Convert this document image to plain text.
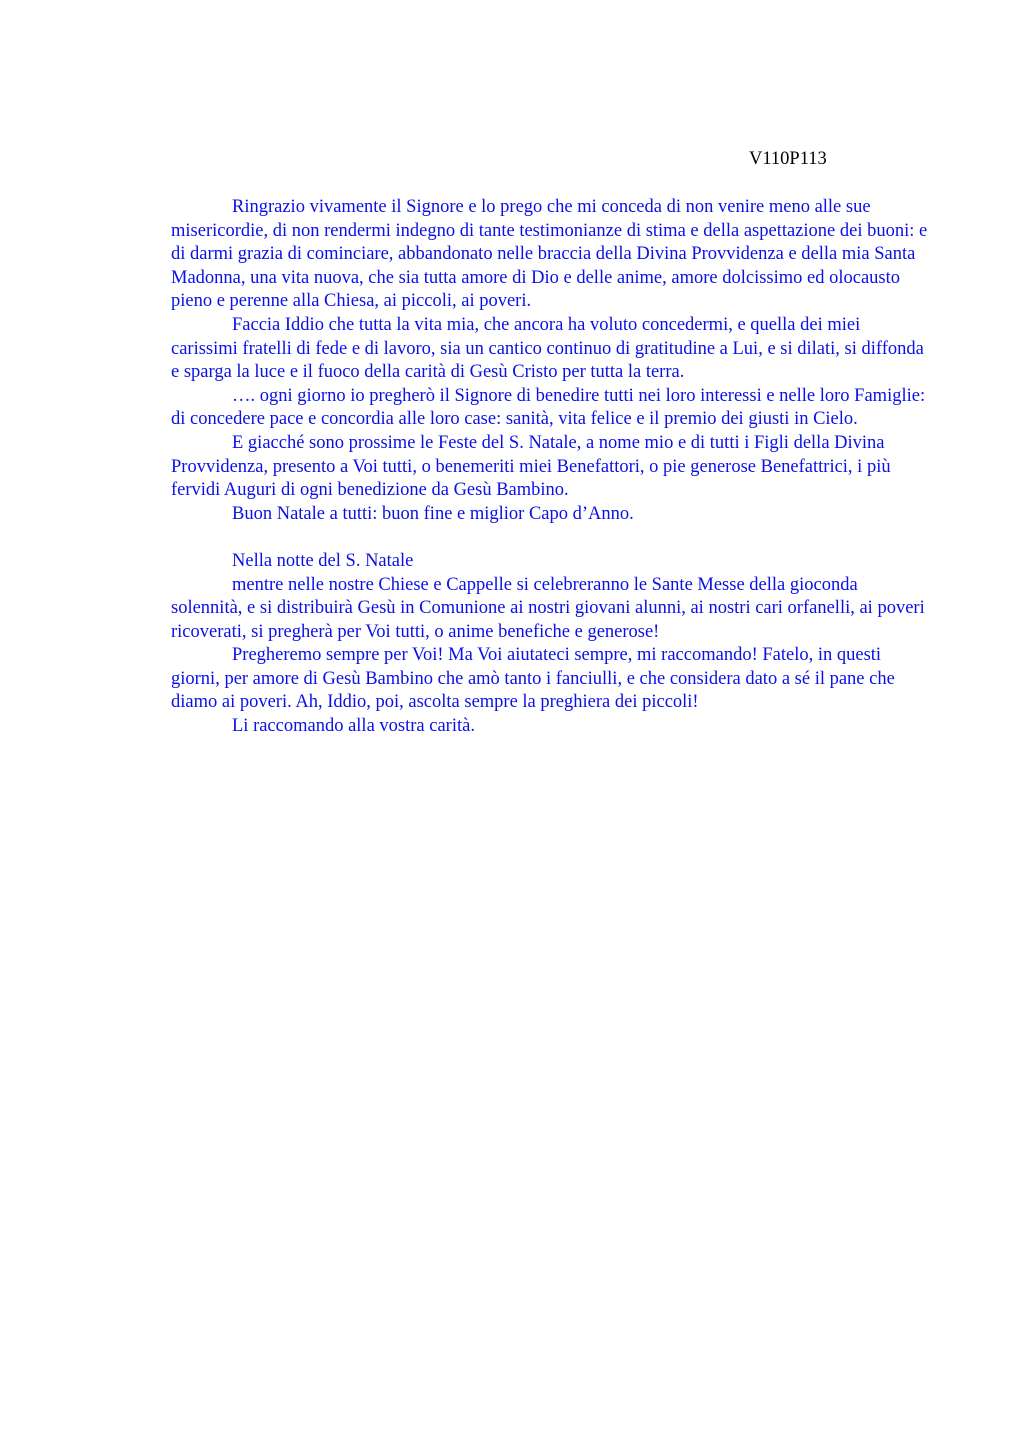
V110P113

Ringrazio vivamente il Signore e lo prego che mi conceda di non venire meno alle sue misericordie, di non rendermi indegno di tante testimonianze di stima e della aspettazione dei buoni: e di darmi grazia di cominciare, abbandonato nelle braccia della Divina Provvidenza e della mia Santa Madonna, una vita nuova, che sia tutta amore di Dio e delle anime, amore dolcissimo ed olocausto pieno e perenne alla Chiesa, ai piccoli, ai poveri.

Faccia Iddio che tutta la vita mia, che ancora ha voluto concedermi, e quella dei miei carissimi fratelli di fede e di lavoro, sia un cantico continuo di gratitudine a Lui, e si dilati, si diffonda e sparga la luce e il fuoco della carità di Gesù Cristo per tutta la terra.

…. ogni giorno io pregherò il Signore di benedire tutti nei loro interessi e nelle loro Famiglie: di concedere pace e concordia alle loro case: sanità, vita felice e il premio dei giusti in Cielo.

E giacché sono prossime le Feste del S. Natale, a nome mio e di tutti i Figli della Divina Provvidenza, presento a Voi tutti, o benemeriti miei Benefattori, o pie generose Benefattrici, i più fervidi Auguri di ogni benedizione da Gesù Bambino.

Buon Natale a tutti: buon fine e miglior Capo d’Anno.

Nella notte del S. Natale

mentre nelle nostre Chiese e Cappelle si celebreranno le Sante Messe della gioconda solennità, e si distribuirà Gesù in Comunione ai nostri giovani alunni, ai nostri cari orfanelli, ai poveri ricoverati, si pregherà per Voi tutti, o anime benefiche e generose!

Pregheremo sempre per Voi! Ma Voi aiutateci sempre, mi raccomando! Fatelo, in questi giorni, per amore di Gesù Bambino che amò tanto i fanciulli, e che considera dato a sé il pane che diamo ai poveri. Ah, Iddio, poi, ascolta sempre la preghiera dei piccoli!

Li raccomando alla vostra carità.
